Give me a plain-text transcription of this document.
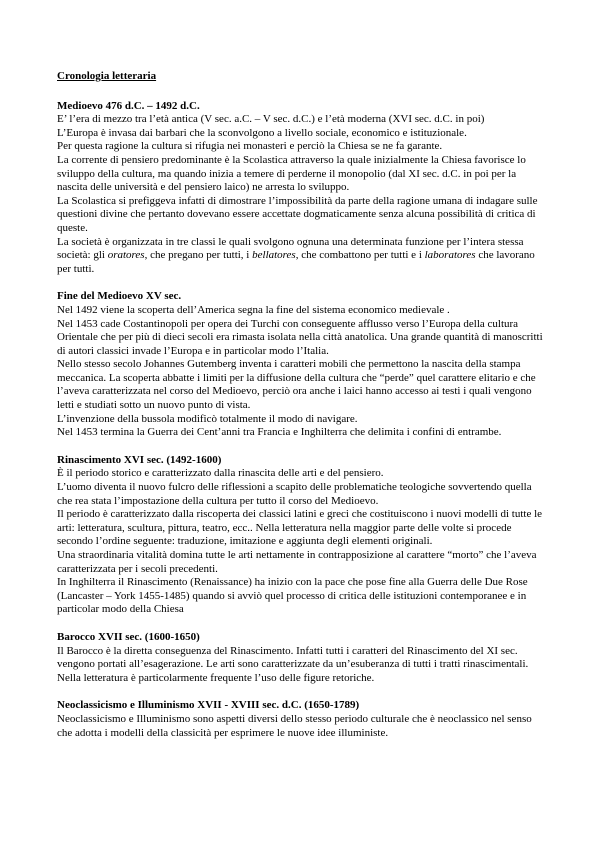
Cronologia letteraria
Medioevo 476 d.C. – 1492 d.C.

E’ l’era di mezzo tra l’età antica (V sec. a.C. – V sec. d.C.) e l’età moderna (XVI sec. d.C. in poi)

L’Europa è invasa dai barbari che la sconvolgono a livello sociale, economico e istituzionale.

Per questa ragione la cultura si rifugia nei monasteri e perciò la Chiesa se ne fa garante.

La corrente di pensiero predominante è la Scolastica attraverso la quale inizialmente la Chiesa favorisce lo sviluppo della cultura, ma quando inizia a temere di perderne il monopolio (dal XI sec. d.C. in poi per la nascita delle università e del pensiero laico) ne arresta lo sviluppo.

La Scolastica si prefiggeva infatti di dimostrare l’impossibilità da parte della ragione umana di indagare sulle questioni divine che pertanto dovevano essere accettate dogmaticamente senza alcuna possibilità di critica di queste.

La società è organizzata in tre classi le quali svolgono ognuna una determinata funzione per l’intera stessa società: gli oratores, che pregano per tutti, i bellatores, che combattono per tutti e i laboratores che lavorano per tutti.

Fine del Medioevo XV sec.

Nel 1492 viene la scoperta dell’America segna la fine del sistema economico medievale .

Nel 1453 cade Costantinopoli per opera dei Turchi con conseguente afflusso verso l’Europa della cultura Orientale che per più di dieci secoli era rimasta isolata nella città anatolica. Una grande quantità di manoscritti di autori classici invade l’Europa e in particolar modo l’Italia.

Nello stesso secolo Johannes Gutemberg inventa i caratteri mobili che permettono la nascita della stampa meccanica. La scoperta abbatte i limiti per la diffusione della cultura che “perde” quel carattere elitario e che l’aveva caratterizzata nel corso del Medioevo, perciò ora anche i laici hanno accesso ai testi i quali vengono letti e studiati sotto un nuovo punto di vista.

L’invenzione della bussola modificò totalmente il modo di navigare.

Nel 1453 termina la Guerra dei Cent’anni tra Francia e Inghilterra che delimita i confini di entrambe.

Rinascimento XVI sec. (1492-1600)

È il periodo storico e caratterizzato dalla rinascita delle arti e del pensiero.

L’uomo diventa il nuovo fulcro delle riflessioni a scapito delle problematiche teologiche sovvertendo quella che rea stata l’impostazione della cultura per tutto il corso del Medioevo.

Il periodo è caratterizzato dalla riscoperta dei classici latini e greci che costituiscono i nuovi modelli di tutte le arti: letteratura, scultura, pittura, teatro, ecc.. Nella letteratura nella maggior parte delle volte si procede secondo l’ordine seguente: traduzione, imitazione e aggiunta degli elementi originali.

Una straordinaria vitalità domina tutte le arti nettamente in contrapposizione al carattere “morto” che l’aveva caratterizzata per i secoli precedenti.

In Inghilterra il Rinascimento (Renaissance) ha inizio con la pace che pose fine alla Guerra delle Due Rose (Lancaster – York 1455-1485) quando si avviò quel processo di critica delle istituzioni contemporanee e in particolar modo della Chiesa

Barocco XVII sec. (1600-1650)

Il Barocco è la diretta conseguenza del Rinascimento. Infatti tutti i caratteri del Rinascimento del XI sec. vengono portati all’esagerazione. Le arti sono caratterizzate da un’esuberanza di tutti i tratti rinascimentali. Nella letteratura è particolarmente frequente l’uso delle figure retoriche.

Neoclassicismo e Illuminismo XVII - XVIII sec. d.C. (1650-1789)

Neoclassicismo e Illuminismo sono aspetti diversi dello stesso periodo culturale che è neoclassico nel senso che adotta i modelli della classicità per esprimere le nuove idee illuministe.
